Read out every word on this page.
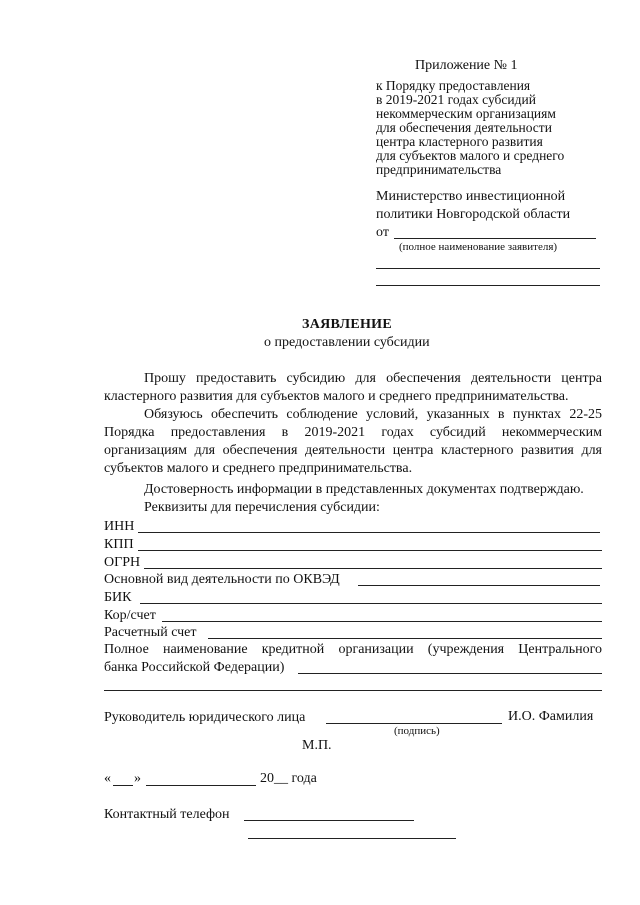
Приложение № 1
к Порядку предоставления
в 2019-2021 годах субсидий
некоммерческим организациям
для обеспечения деятельности
центра кластерного развития
для субъектов малого и среднего
предпринимательства
Министерство инвестиционной
политики Новгородской области
от
(полное наименование заявителя)
ЗАЯВЛЕНИЕ
о предоставлении субсидии
Прошу предоставить субсидию для обеспечения деятельности центра кластерного развития для субъектов малого и среднего предпринимательства.
Обязуюсь обеспечить соблюдение условий, указанных в пунктах 22-25 Порядка предоставления в 2019-2021 годах субсидий некоммерческим организациям для обеспечения деятельности центра кластерного развития для субъектов малого и среднего предпринимательства.
Достоверность информации в представленных документах подтверждаю.
Реквизиты для перечисления субсидии:
ИНН
КПП
ОГРН
Основной вид деятельности по ОКВЭД
БИК
Кор/счет
Расчетный счет
Полное наименование кредитной организации (учреждения Центрального
банка Российской Федерации)
Руководитель юридического лица	И.О. Фамилия
(подпись)
М.П.
« »	20__ года
Контактный телефон
